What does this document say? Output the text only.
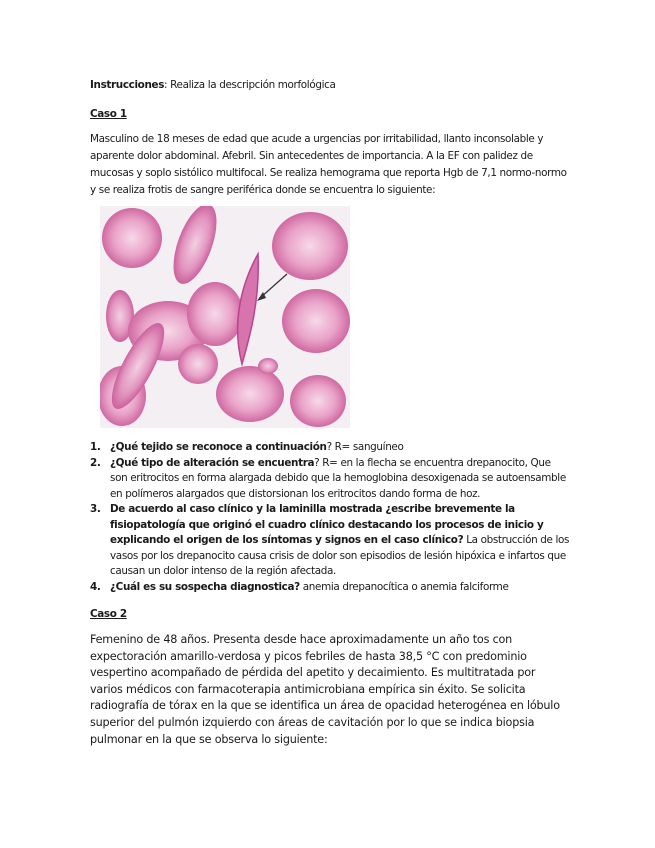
Instrucciones: Realiza la descripción morfológica
Caso 1
Masculino de 18 meses de edad que acude a urgencias por irritabilidad, llanto inconsolable y
aparente dolor abdominal. Afebril. Sin antecedentes de importancia. A la EF con palidez de
mucosas y soplo sistólico multifocal. Se realiza hemograma que reporta Hgb de 7,1 normo-normo
y se realiza frotis de sangre periférica donde se encuentra lo siguiente:
1. ¿Qué tejido se reconoce a continuación? R= sanguíneo
2. ¿Qué tipo de alteración se encuentra? R= en la flecha se encuentra drepanocito, Que son eritrocitos en forma alargada debido que la hemoglobina desoxigenada se autoensamble en polímeros alargados que distorsionan los eritrocitos dando forma de hoz.
3. De acuerdo al caso clínico y la laminilla mostrada ¿escribe brevemente la fisiopatología que originó el cuadro clínico destacando los procesos de inicio y explicando el origen de los síntomas y signos en el caso clínico? La obstrucción de los vasos por los drepanocito causa crisis de dolor son episodios de lesión hipóxica e infartos que causan un dolor intenso de la región afectada.
4. ¿Cuál es su sospecha diagnostica? anemia drepanocítica o anemia falciforme
Caso 2
Femenino de 48 años. Presenta desde hace aproximadamente un año tos con
expectoración amarillo-verdosa y picos febriles de hasta 38,5 °C con predominio
vespertino acompañado de pérdida del apetito y decaimiento. Es multitratada por
varios médicos con farmacoterapia antimicrobiana empírica sin éxito. Se solicita
radiografía de tórax en la que se identifica un área de opacidad heterogénea en lóbulo
superior del pulmón izquierdo con áreas de cavitación por lo que se indica biopsia
pulmonar en la que se observa lo siguiente:
